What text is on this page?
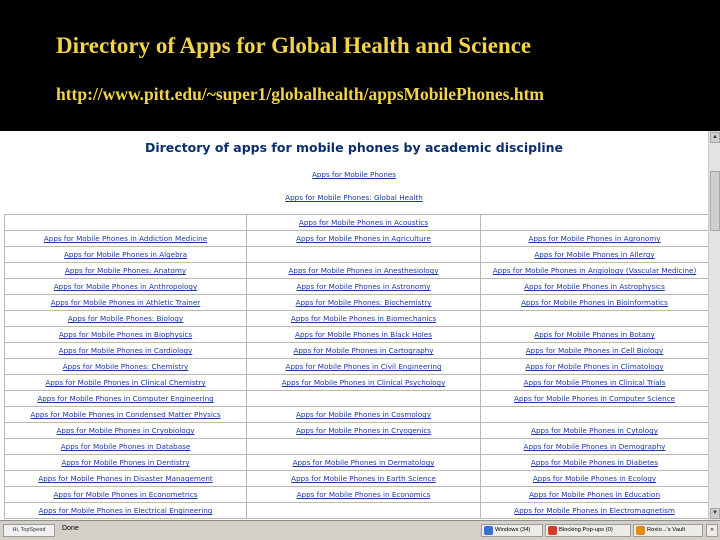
Directory of Apps for Global Health and Science
http://www.pitt.edu/~super1/globalhealth/appsMobilePhones.htm
Directory of apps for mobile phones by academic discipline
Apps for Mobile Phones
Apps for Mobile Phones: Global Health
	Apps for Mobile Phones in Acoustics	
Apps for Mobile Phones in Addiction Medicine	Apps for Mobile Phones in Agriculture	Apps for Mobile Phones in Agronomy
Apps for Mobile Phones in Algebra		Apps for Mobile Phones in Allergy
Apps for Mobile Phones: Anatomy	Apps for Mobile Phones in Anesthesiology	Apps for Mobile Phones in Angiology (Vascular Medicine)
Apps for Mobile Phones in Anthropology	Apps for Mobile Phones in Astronomy	Apps for Mobile Phones in Astrophysics
Apps for Mobile Phones in Athletic Trainer	Apps for Mobile Phones: Biochemistry	Apps for Mobile Phones in Bioinformatics
Apps for Mobile Phones: Biology	Apps for Mobile Phones in Biomechanics	
Apps for Mobile Phones in Biophysics	Apps for Mobile Phones in Black Holes	Apps for Mobile Phones in Botany
Apps for Mobile Phones in Cardiology	Apps for Mobile Phones in Cartography	Apps for Mobile Phones in Cell Biology
Apps for Mobile Phones: Chemistry	Apps for Mobile Phones in Civil Engineering	Apps for Mobile Phones in Climatology
Apps for Mobile Phones in Clinical Chemistry	Apps for Mobile Phones in Clinical Psychology	Apps for Mobile Phones in Clinical Trials
Apps for Mobile Phones in Computer Engineering		Apps for Mobile Phones in Computer Science
Apps for Mobile Phones in Condensed Matter Physics	Apps for Mobile Phones in Cosmology	
Apps for Mobile Phones in Cryobiology	Apps for Mobile Phones in Cryogenics	Apps for Mobile Phones in Cytology
Apps for Mobile Phones in Database		Apps for Mobile Phones in Demography
Apps for Mobile Phones in Dentistry	Apps for Mobile Phones in Dermatology	Apps for Mobile Phones in Diabetes
Apps for Mobile Phones in Disaster Management	Apps for Mobile Phones in Earth Science	Apps for Mobile Phones in Ecology
Apps for Mobile Phones in Econometrics	Apps for Mobile Phones in Economics	Apps for Mobile Phones in Education
Apps for Mobile Phones in Electrical Engineering		Apps for Mobile Phones in Electromagnetism
▲
▼
Hi, TopSpeed	Done	Windows (34)	Blocking Pop-ups (0)	Roxio...'s Vault	»
